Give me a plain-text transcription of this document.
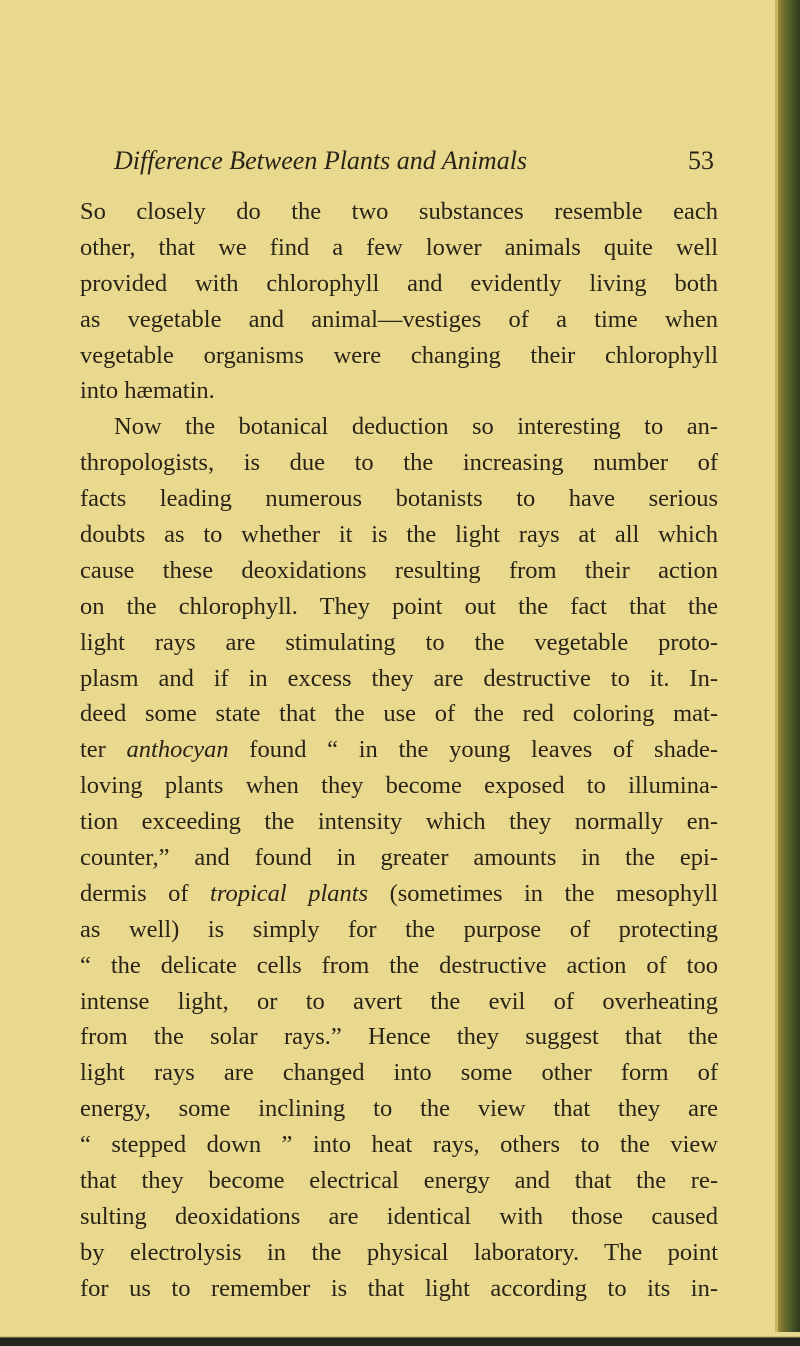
Difference Between Plants and Animals	53
So closely do the two substances resemble each
other, that we find a few lower animals quite well
provided with chlorophyll and evidently living both
as vegetable and animal—vestiges of a time when
vegetable organisms were changing their chlorophyll
into hæmatin.
Now the botanical deduction so interesting to an-
thropologists, is due to the increasing number of
facts leading numerous botanists to have serious
doubts as to whether it is the light rays at all which
cause these deoxidations resulting from their action
on the chlorophyll. They point out the fact that the
light rays are stimulating to the vegetable proto-
plasm and if in excess they are destructive to it. In-
deed some state that the use of the red coloring mat-
ter anthocyan found “ in the young leaves of shade-
loving plants when they become exposed to illumina-
tion exceeding the intensity which they normally en-
counter,” and found in greater amounts in the epi-
dermis of tropical plants (sometimes in the mesophyll
as well) is simply for the purpose of protecting
“ the delicate cells from the destructive action of too
intense light, or to avert the evil of overheating
from the solar rays.” Hence they suggest that the
light rays are changed into some other form of
energy, some inclining to the view that they are
“ stepped down ” into heat rays, others to the view
that they become electrical energy and that the re-
sulting deoxidations are identical with those caused
by electrolysis in the physical laboratory. The point
for us to remember is that light according to its in-
